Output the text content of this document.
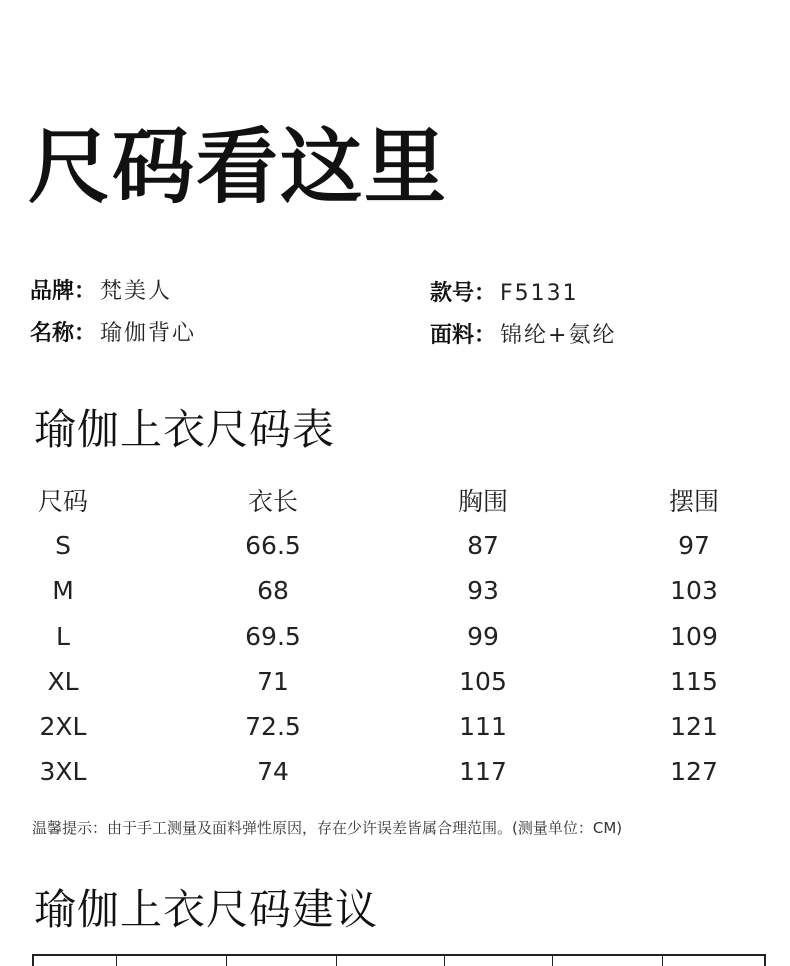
尺码看这里
品牌： 梵美人	款号： F5131
名称： 瑜伽背心	面料： 锦纶+氨纶
瑜伽上衣尺码表
尺码	衣长	胸围	摆围
S	66.5	87	97
M	68	93	103
L	69.5	99	109
XL	71	105	115
2XL	72.5	111	121
3XL	74	117	127
温馨提示：由于手工测量及面料弹性原因，存在少许误差皆属合理范围。(测量单位：CM)
瑜伽上衣尺码建议
